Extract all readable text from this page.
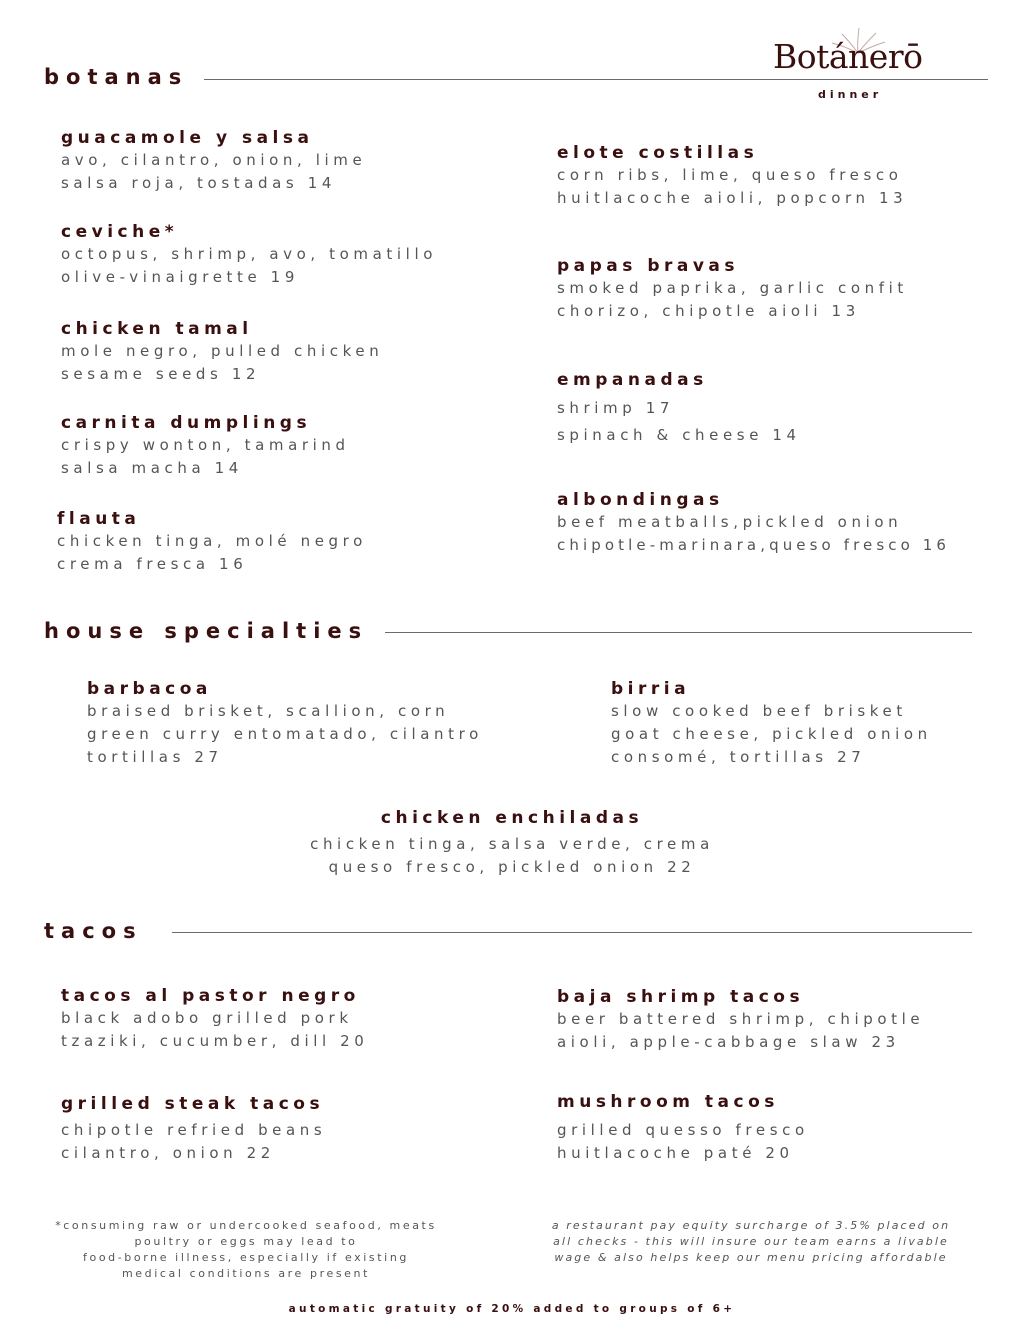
Botánerō
dinner
botanas
guacamole y salsa
avo, cilantro, onion, lime
salsa roja, tostadas 14
ceviche*
octopus, shrimp, avo, tomatillo
olive-vinaigrette 19
chicken tamal
mole negro, pulled chicken
sesame seeds 12
carnita dumplings
crispy wonton, tamarind
salsa macha 14
flauta
chicken tinga, molé negro
crema fresca 16
elote costillas
corn ribs, lime, queso fresco
huitlacoche aioli, popcorn 13
papas bravas
smoked paprika, garlic confit
chorizo, chipotle aioli 13
empanadas
shrimp 17
spinach & cheese 14
albondingas
beef meatballs,pickled onion
chipotle-marinara,queso fresco 16
house specialties
barbacoa
braised brisket, scallion, corn
green curry entomatado, cilantro
tortillas 27
birria
slow cooked beef brisket
goat cheese, pickled onion
consomé, tortillas 27
chicken enchiladas
chicken tinga, salsa verde, crema
queso fresco, pickled onion 22
tacos
tacos al pastor negro
black adobo grilled pork
tzaziki, cucumber, dill 20
grilled steak tacos
chipotle refried beans
cilantro, onion 22
baja shrimp tacos
beer battered shrimp, chipotle
aioli, apple-cabbage slaw 23
mushroom tacos
grilled quesso fresco
huitlacoche paté 20
*consuming raw or undercooked seafood, meats
poultry or eggs may lead to
food-borne illness, especially if existing
medical conditions are present
a restaurant pay equity surcharge of 3.5% placed on
all checks - this will insure our team earns a livable
wage & also helps keep our menu pricing affordable
automatic gratuity of 20% added to groups of 6+
